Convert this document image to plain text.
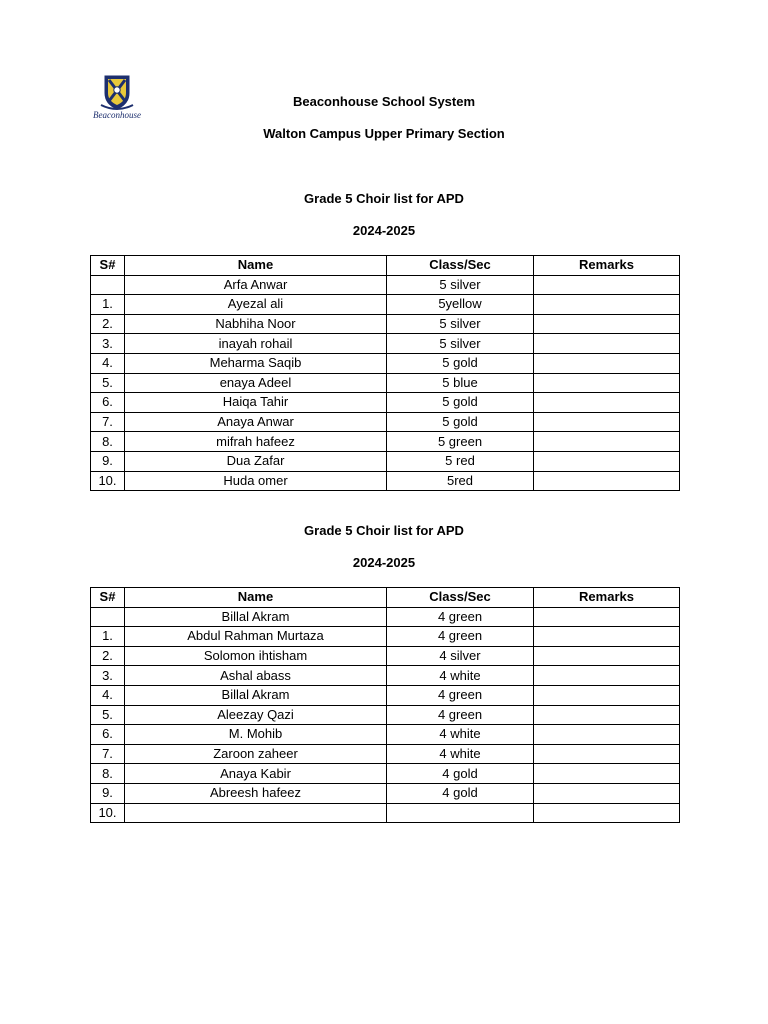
Beaconhouse
Beaconhouse School System
Walton Campus Upper Primary Section
Grade 5 Choir list for APD
2024-2025
S#	Name	Class/Sec	Remarks
	Arfa Anwar	5 silver	
1.	Ayezal ali	5yellow	
2.	Nabhiha Noor	5 silver	
3.	inayah rohail	5 silver	
4.	Meharma Saqib	5 gold	
5.	enaya Adeel	5 blue	
6.	Haiqa Tahir	5 gold	
7.	Anaya Anwar	5 gold	
8.	mifrah hafeez	5 green	
9.	Dua Zafar	5 red	
10.	Huda omer	5red	
Grade 5 Choir list for APD
2024-2025
S#	Name	Class/Sec	Remarks
	Billal Akram	4 green	
1.	Abdul Rahman Murtaza	4 green	
2.	Solomon ihtisham	4 silver	
3.	Ashal abass	4 white	
4.	Billal Akram	4 green	
5.	Aleezay Qazi	4 green	
6.	M. Mohib	4 white	
7.	Zaroon zaheer	4 white	
8.	Anaya Kabir	4 gold	
9.	Abreesh hafeez	4 gold	
10.			
